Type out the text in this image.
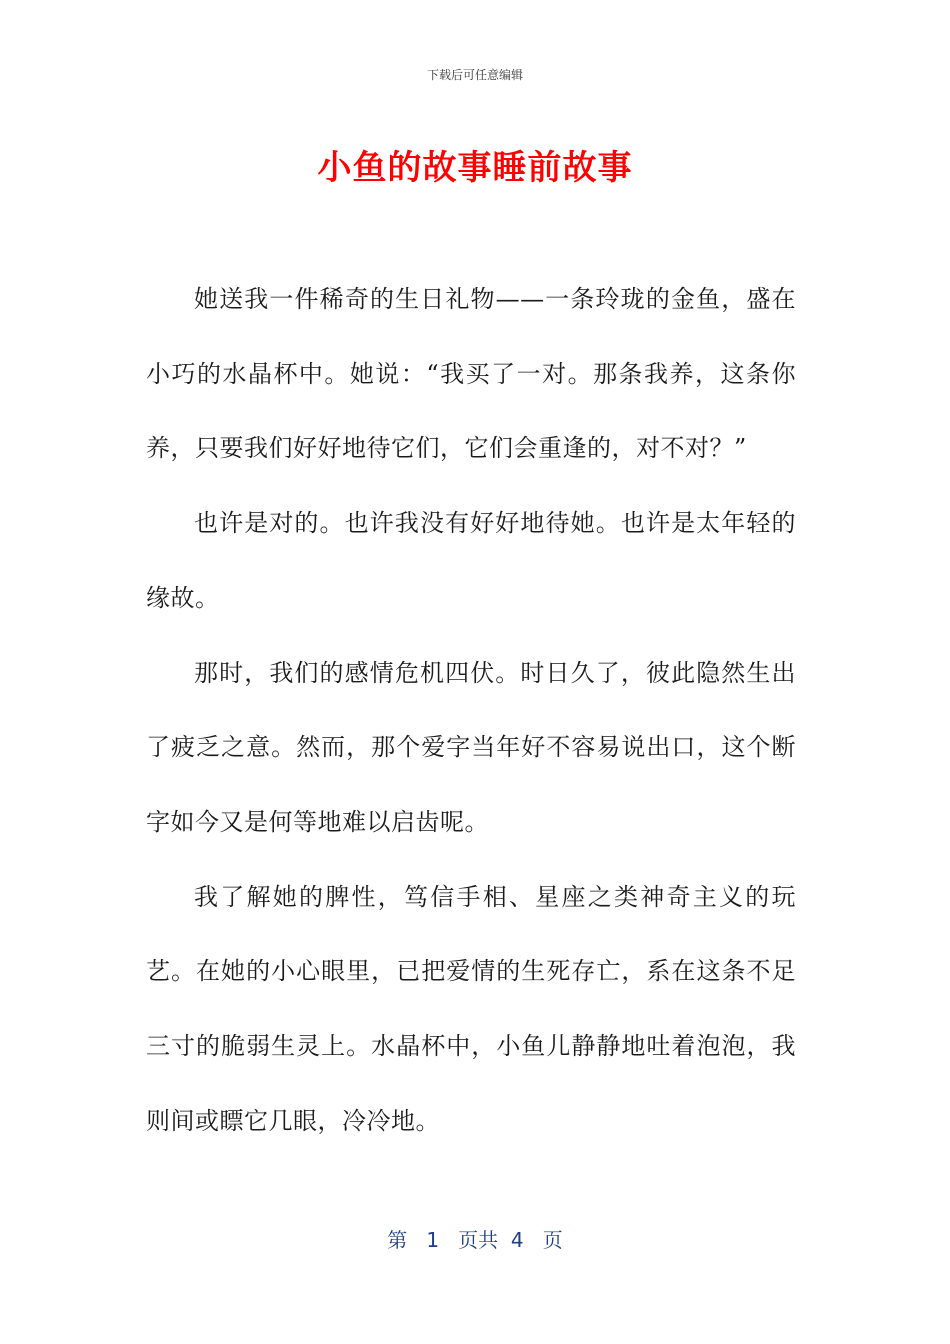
下载后可任意编辑
小鱼的故事睡前故事

她送我一件稀奇的生日礼物——一条玲珑的金鱼，盛在小巧的水晶杯中。她说：“我买了一对。那条我养，这条你养，只要我们好好地待它们，它们会重逢的，对不对？”

也许是对的。也许我没有好好地待她。也许是太年轻的缘故。

那时，我们的感情危机四伏。时日久了，彼此隐然生出了疲乏之意。然而，那个爱字当年好不容易说出口，这个断字如今又是何等地难以启齿呢。

我了解她的脾性，笃信手相、星座之类神奇主义的玩艺。在她的小心眼里，已把爱情的生死存亡，系在这条不足三寸的脆弱生灵上。水晶杯中，小鱼儿静静地吐着泡泡，我则间或瞟它几眼，冷冷地。

第 1 页共 4 页
